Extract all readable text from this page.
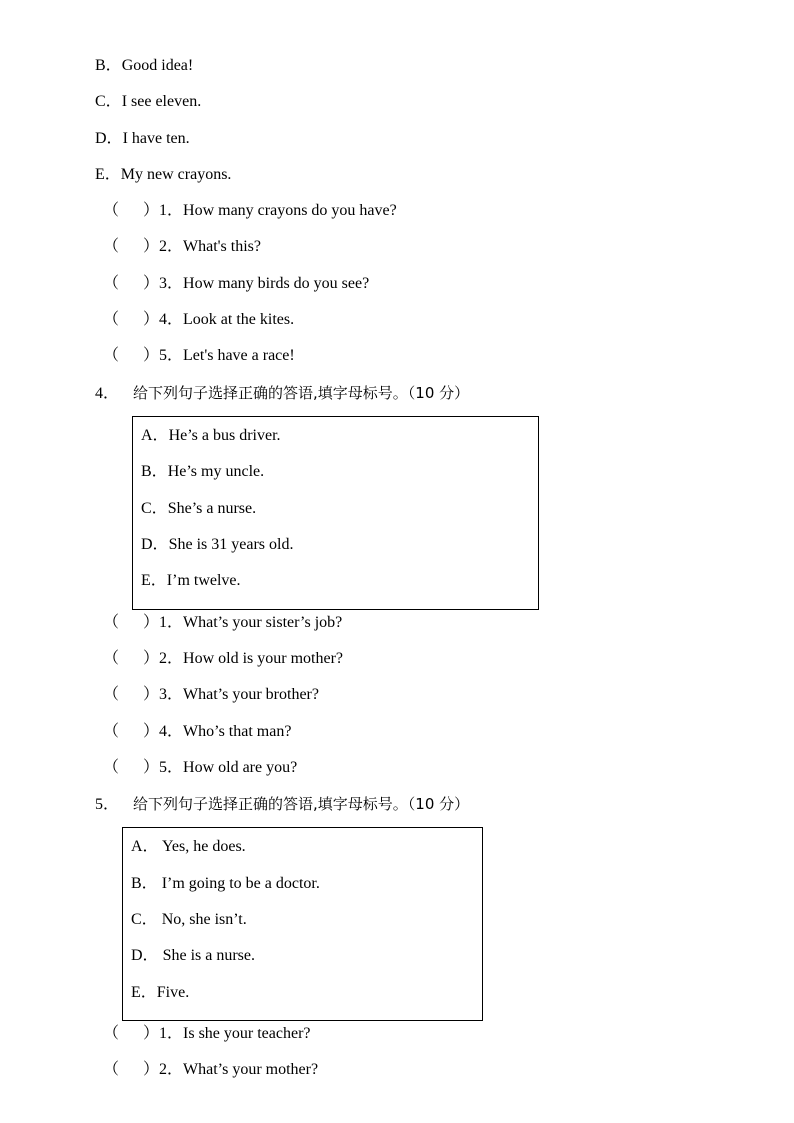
B．Good idea!
C．I see eleven.
D．I have ten.
E．My new crayons.
（ ）1．How many crayons do you have?
（ ）2．What's this?
（ ）3．How many birds do you see?
（ ）4．Look at the kites.
（ ）5．Let's have a race!
4． 给下列句子选择正确的答语,填字母标号。（10 分）
A．He’s a bus driver.
B．He’s my uncle.
C．She’s a nurse.
D．She is 31 years old.
E．I’m twelve.
（ ）1．What’s your sister’s job?
（ ）2．How old is your mother?
（ ）3．What’s your brother?
（ ）4．Who’s that man?
（ ）5．How old are you?
5． 给下列句子选择正确的答语,填字母标号。（10 分）
A． Yes, he does.
B． I’m going to be a doctor.
C． No, she isn’t.
D． She is a nurse.
E．Five.
（ ）1．Is she your teacher?
（ ）2．What’s your mother?
